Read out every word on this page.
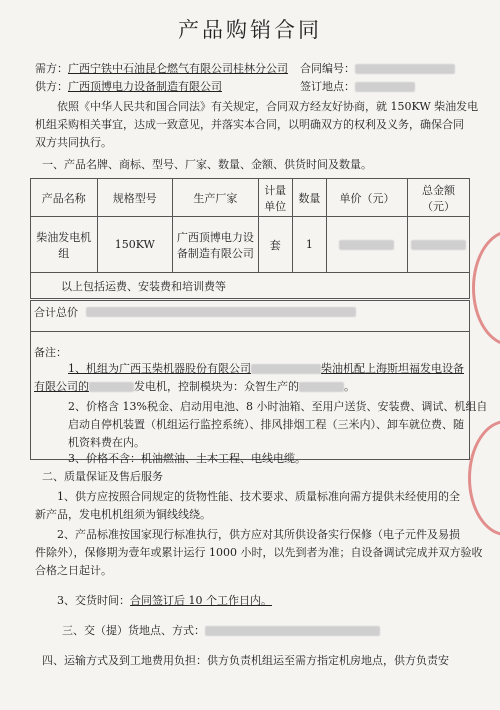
产品购销合同
需方：广西宁铁中石油昆仑燃气有限公司桂林分公司 合同编号：
供方：广西顶博电力设备制造有限公司	签订地点：
依照《中华人民共和国合同法》有关规定，合同双方经友好协商，就 150KW 柴油发电
机组采购相关事宜，达成一致意见，并落实本合同，以明确双方的权利及义务，确保合同
双方共同执行。
一、产品名牌、商标、型号、厂家、数量、金额、供货时间及数量。
产品名称	规格型号	生产厂家	计量单位	数量	单价（元）	总金额（元）
柴油发电机组	150KW	广西顶博电力设备制造有限公司	套	1		
以上包括运费、安装费和培训费等						
合计总价
备注：
1、机组为广西玉柴机器股份有限公司	柴油机配上海斯坦福发电设备
有限公司的	发电机，控制模块为：众智生产的	。
2、价格含 13%税金、启动用电池、8 小时油箱、至用户送货、安装费、调试、机组自
启动自停机装置（机组运行监控系统）、排风排烟工程（三米内）、卸车就位费、随
机资料费在内。
3、价格不含：机油燃油、土木工程、电线电缆。
二、质量保证及售后服务
1、供方应按照合同规定的货物性能、技术要求、质量标准向需方提供未经使用的全
新产品，发电机机组须为铜线线绕。
2、产品标准按国家现行标准执行，供方应对其所供设备实行保修（电子元件及易损
件除外），保修期为壹年或累计运行 1000 小时，以先到者为准；自设备调试完成并双方验收
合格之日起计。
3、交货时间：合同签订后 10 个工作日内。
三、交（提）货地点、方式：
四、运输方式及到工地费用负担：供方负责机组运至需方指定机房地点，供方负责安
